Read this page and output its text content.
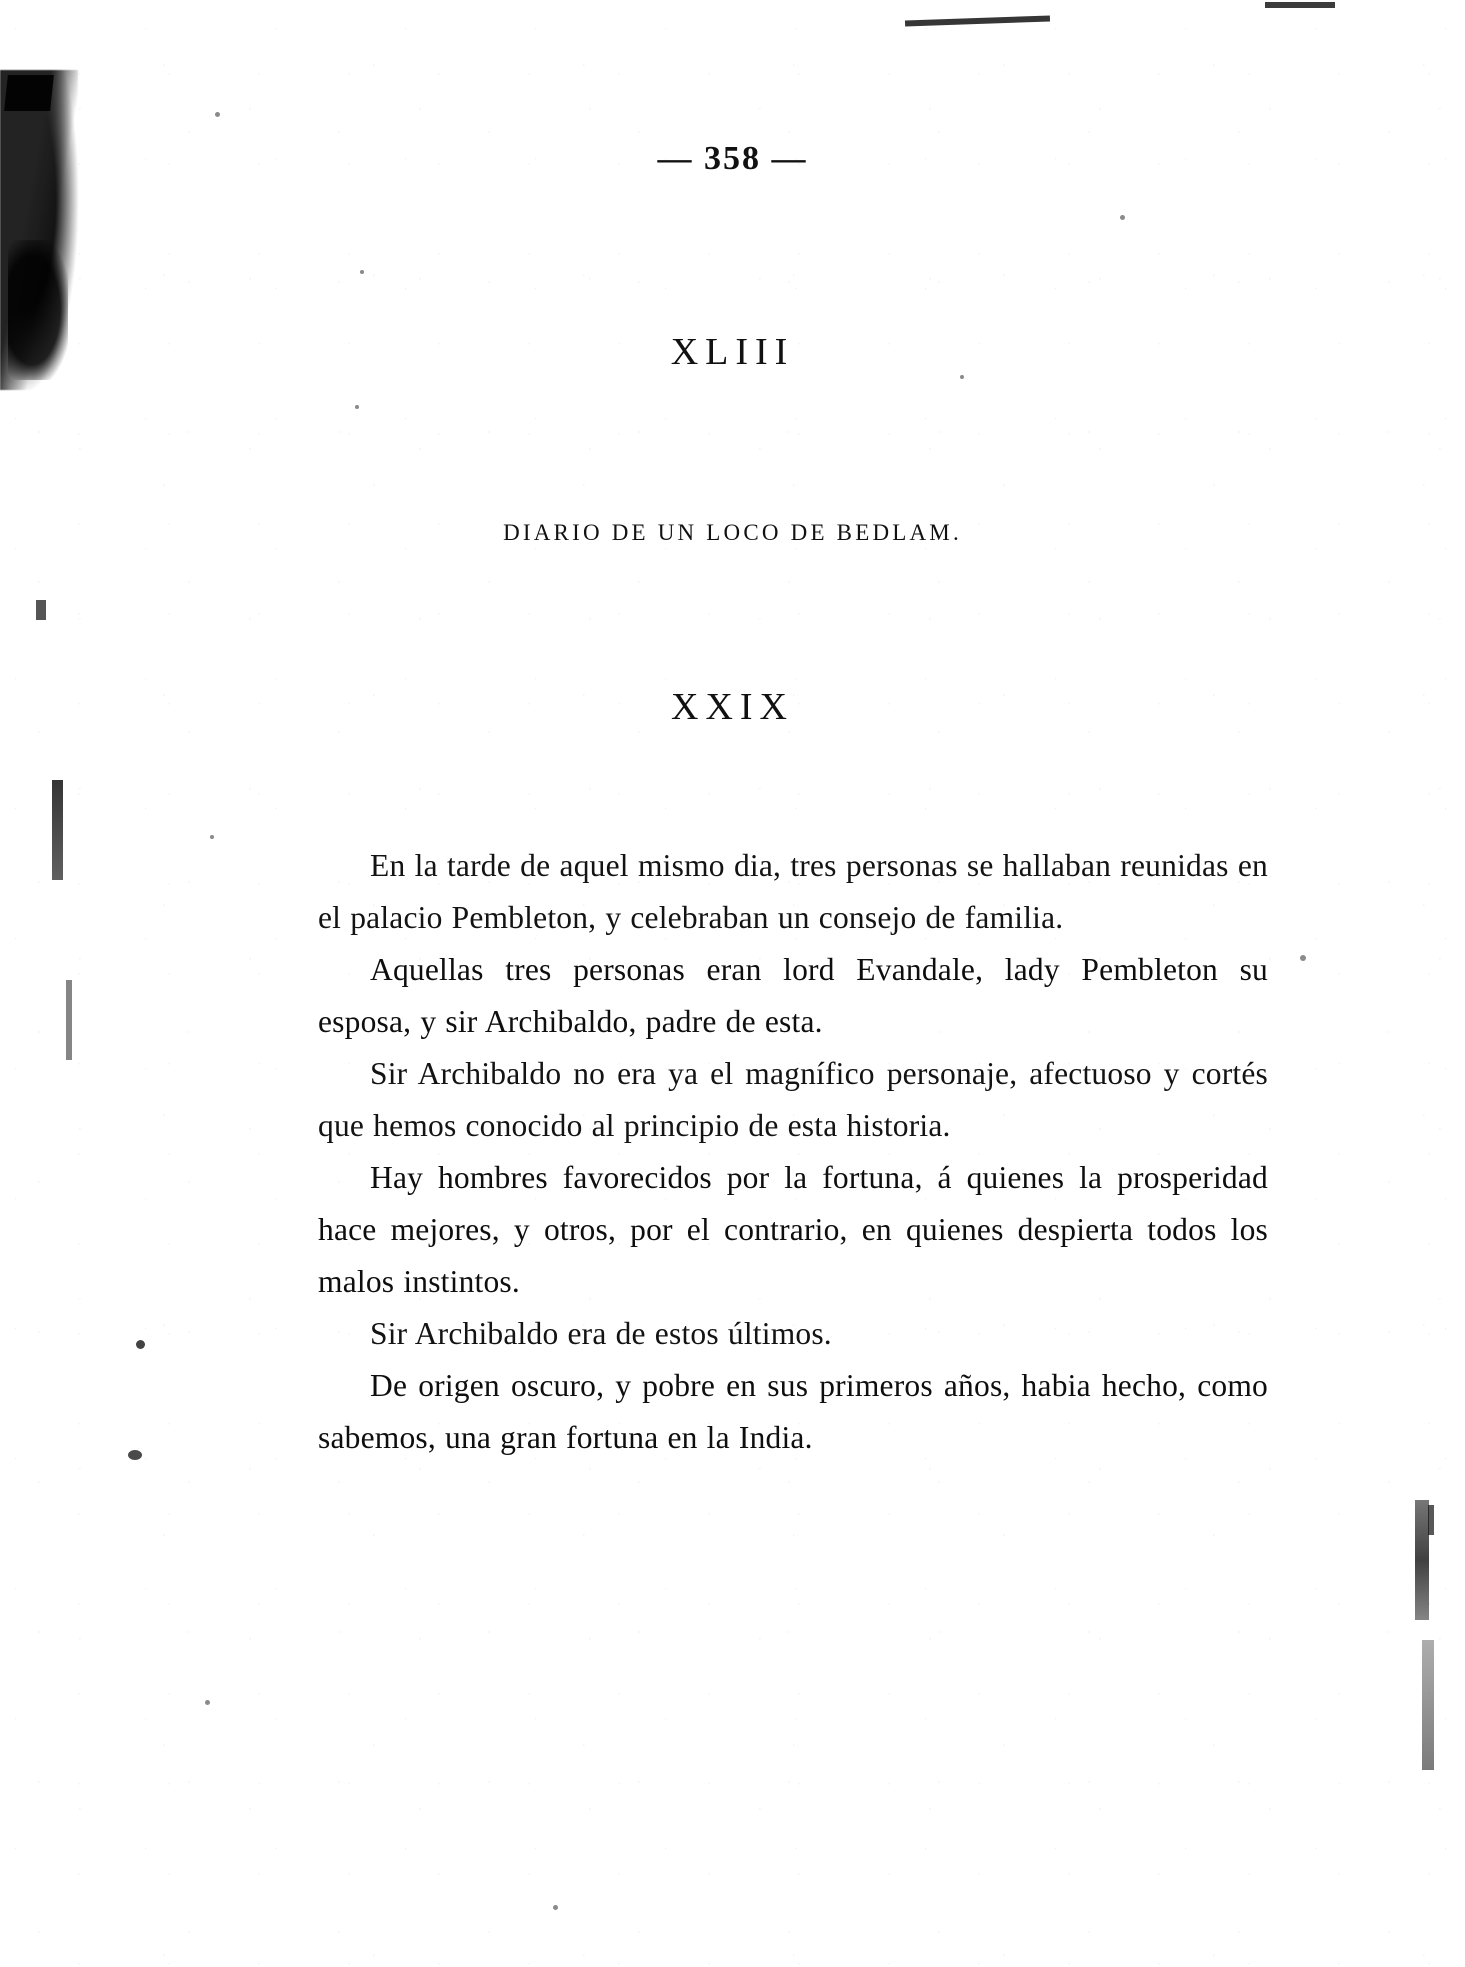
— 358 —
XLIII
DIARIO DE UN LOCO DE BEDLAM.
XXIX

En la tarde de aquel mismo dia, tres personas se hallaban reunidas en el palacio Pembleton, y celebraban un consejo de familia.

Aquellas tres personas eran lord Evandale, lady Pembleton su esposa, y sir Archibaldo, padre de esta.

Sir Archibaldo no era ya el magnífico personaje, afectuoso y cortés que hemos conocido al principio de esta historia.

Hay hombres favorecidos por la fortuna, á quienes la prosperidad hace mejores, y otros, por el contrario, en quienes despierta todos los malos instintos.

Sir Archibaldo era de estos últimos.

De origen oscuro, y pobre en sus primeros años, habia hecho, como sabemos, una gran fortuna en la India.
